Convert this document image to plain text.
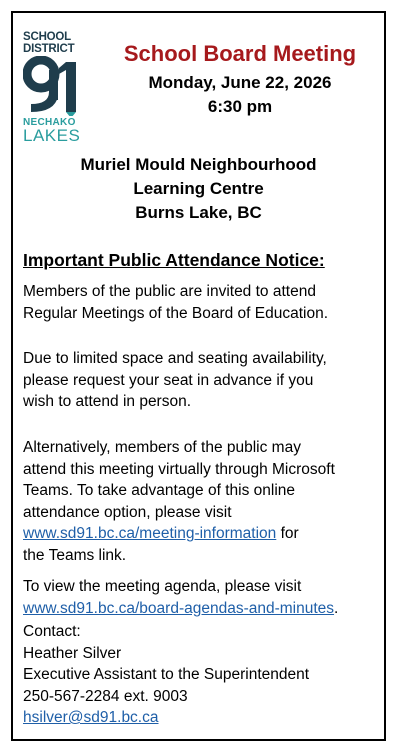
SCHOOL
DISTRICT
NECHAKO
LAKES
School Board Meeting
Monday, June 22, 2026
6:30 pm
Muriel Mould Neighbourhood
Learning Centre
Burns Lake, BC
Important Public Attendance Notice:

Members of the public are invited to attend
Regular Meetings of the Board of Education.

Due to limited space and seating availability,
please request your seat in advance if you
wish to attend in person.

Alternatively, members of the public may
attend this meeting virtually through Microsoft
Teams. To take advantage of this online
attendance option, please visit
www.sd91.bc.ca/meeting-information for
the Teams link.

To view the meeting agenda, please visit
www.sd91.bc.ca/board-agendas-and-minutes.

Contact:
Heather Silver
Executive Assistant to the Superintendent
250-567-2284 ext. 9003
hsilver@sd91.bc.ca
